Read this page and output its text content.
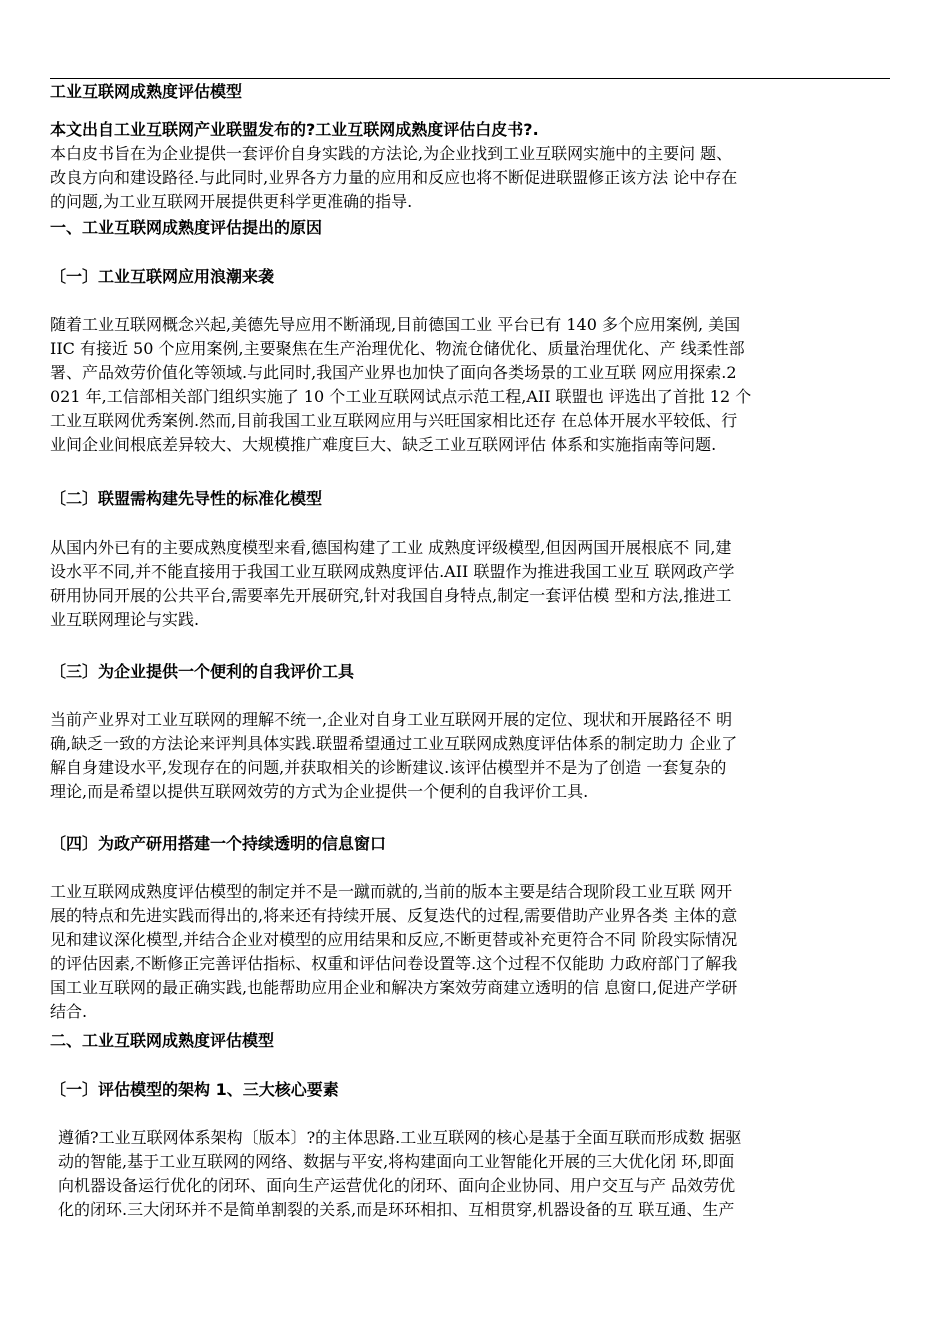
工业互联网成熟度评估模型
本文出自工业互联网产业联盟发布的?工业互联网成熟度评估白皮书?.
本白皮书旨在为企业提供一套评价自身实践的方法论,为企业找到工业互联网实施中的主要问 题、
改良方向和建设路径.与此同时,业界各方力量的应用和反应也将不断促进联盟修正该方法 论中存在
的问题,为工业互联网开展提供更科学更准确的指导.
一、工业互联网成熟度评估提出的原因
〔一〕工业互联网应用浪潮来袭
随着工业互联网概念兴起,美德先导应用不断涌现,目前德国工业 平台已有 140 多个应用案例, 美国
IIC 有接近 50 个应用案例,主要聚焦在生产治理优化、物流仓储优化、质量治理优化、产 线柔性部
署、产品效劳价值化等领域.与此同时,我国产业界也加快了面向各类场景的工业互联 网应用探索.2
021 年,工信部相关部门组织实施了 10 个工业互联网试点示范工程,AII 联盟也 评选出了首批 12 个
工业互联网优秀案例.然而,目前我国工业互联网应用与兴旺国家相比还存 在总体开展水平较低、行
业间企业间根底差异较大、大规模推广难度巨大、缺乏工业互联网评估 体系和实施指南等问题.
〔二〕联盟需构建先导性的标准化模型
从国内外已有的主要成熟度模型来看,德国构建了工业 成熟度评级模型,但因两国开展根底不 同,建
设水平不同,并不能直接用于我国工业互联网成熟度评估.AII 联盟作为推进我国工业互 联网政产学
研用协同开展的公共平台,需要率先开展研究,针对我国自身特点,制定一套评估模 型和方法,推进工
业互联网理论与实践.
〔三〕为企业提供一个便利的自我评价工具
当前产业界对工业互联网的理解不统一,企业对自身工业互联网开展的定位、现状和开展路径不 明
确,缺乏一致的方法论来评判具体实践.联盟希望通过工业互联网成熟度评估体系的制定助力 企业了
解自身建设水平,发现存在的问题,并获取相关的诊断建议.该评估模型并不是为了创造 一套复杂的
理论,而是希望以提供互联网效劳的方式为企业提供一个便利的自我评价工具.
〔四〕为政产研用搭建一个持续透明的信息窗口
工业互联网成熟度评估模型的制定并不是一蹴而就的,当前的版本主要是结合现阶段工业互联 网开
展的特点和先进实践而得出的,将来还有持续开展、反复迭代的过程,需要借助产业界各类 主体的意
见和建议深化模型,并结合企业对模型的应用结果和反应,不断更替或补充更符合不同 阶段实际情况
的评估因素,不断修正完善评估指标、权重和评估问卷设置等.这个过程不仅能助 力政府部门了解我
国工业互联网的最正确实践,也能帮助应用企业和解决方案效劳商建立透明的信 息窗口,促进产学研
结合.
二、工业互联网成熟度评估模型
〔一〕评估模型的架构 1、三大核心要素
遵循?工业互联网体系架构〔版本〕?的主体思路.工业互联网的核心是基于全面互联而形成数 据驱
动的智能,基于工业互联网的网络、数据与平安,将构建面向工业智能化开展的三大优化闭 环,即面
向机器设备运行优化的闭环、面向生产运营优化的闭环、面向企业协同、用户交互与产 品效劳优
化的闭环.三大闭环并不是简单割裂的关系,而是环环相扣、互相贯穿,机器设备的互 联互通、生产
